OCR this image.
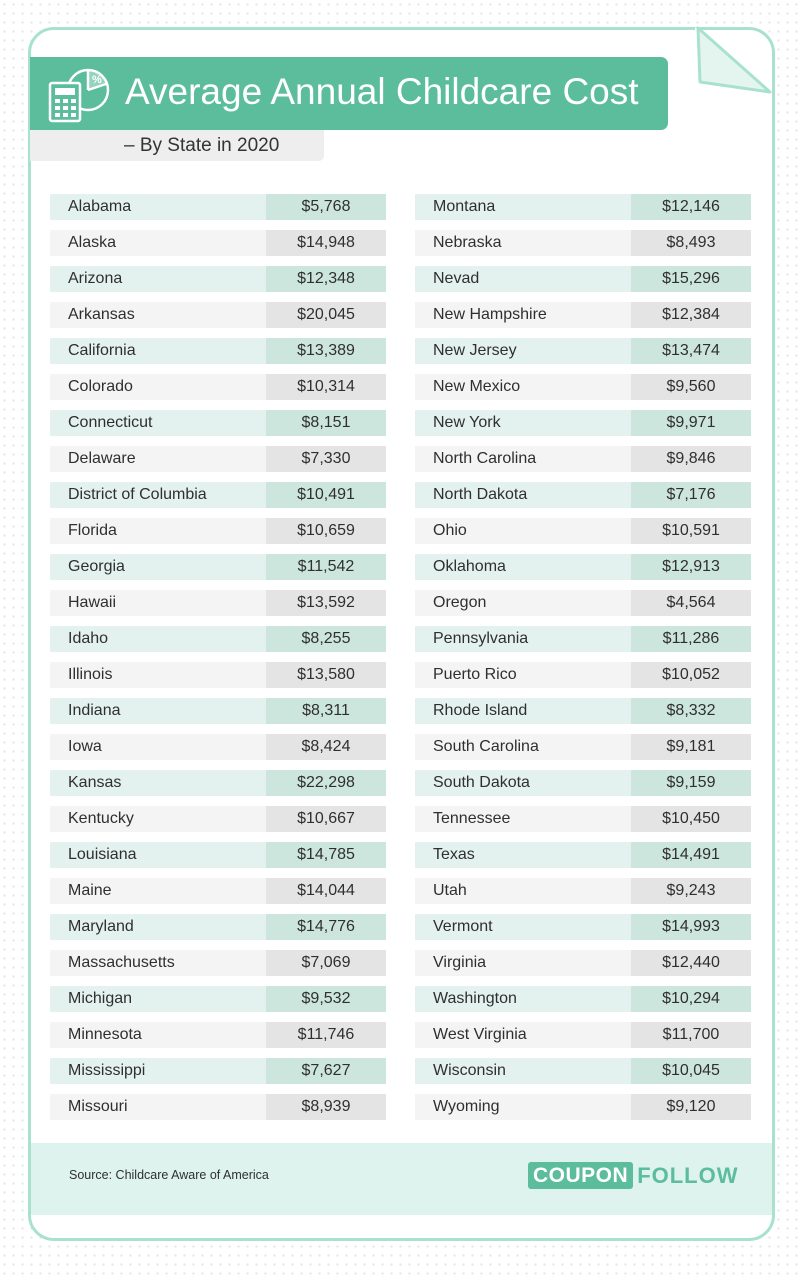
% Average Annual Childcare Cost
– By State in 2020
Alabama	$5,768
Alaska	$14,948
Arizona	$12,348
Arkansas	$20,045
California	$13,389
Colorado	$10,314
Connecticut	$8,151
Delaware	$7,330
District of Columbia	$10,491
Florida	$10,659
Georgia	$11,542
Hawaii	$13,592
Idaho	$8,255
Illinois	$13,580
Indiana	$8,311
Iowa	$8,424
Kansas	$22,298
Kentucky	$10,667
Louisiana	$14,785
Maine	$14,044
Maryland	$14,776
Massachusetts	$7,069
Michigan	$9,532
Minnesota	$11,746
Mississippi	$7,627
Missouri	$8,939
Montana	$12,146
Nebraska	$8,493
Nevad	$15,296
New Hampshire	$12,384
New Jersey	$13,474
New Mexico	$9,560
New York	$9,971
North Carolina	$9,846
North Dakota	$7,176
Ohio	$10,591
Oklahoma	$12,913
Oregon	$4,564
Pennsylvania	$11,286
Puerto Rico	$10,052
Rhode Island	$8,332
South Carolina	$9,181
South Dakota	$9,159
Tennessee	$10,450
Texas	$14,491
Utah	$9,243
Vermont	$14,993
Virginia	$12,440
Washington	$10,294
West Virginia	$11,700
Wisconsin	$10,045
Wyoming	$9,120
Source: Childcare Aware of America	COUPON FOLLOW
